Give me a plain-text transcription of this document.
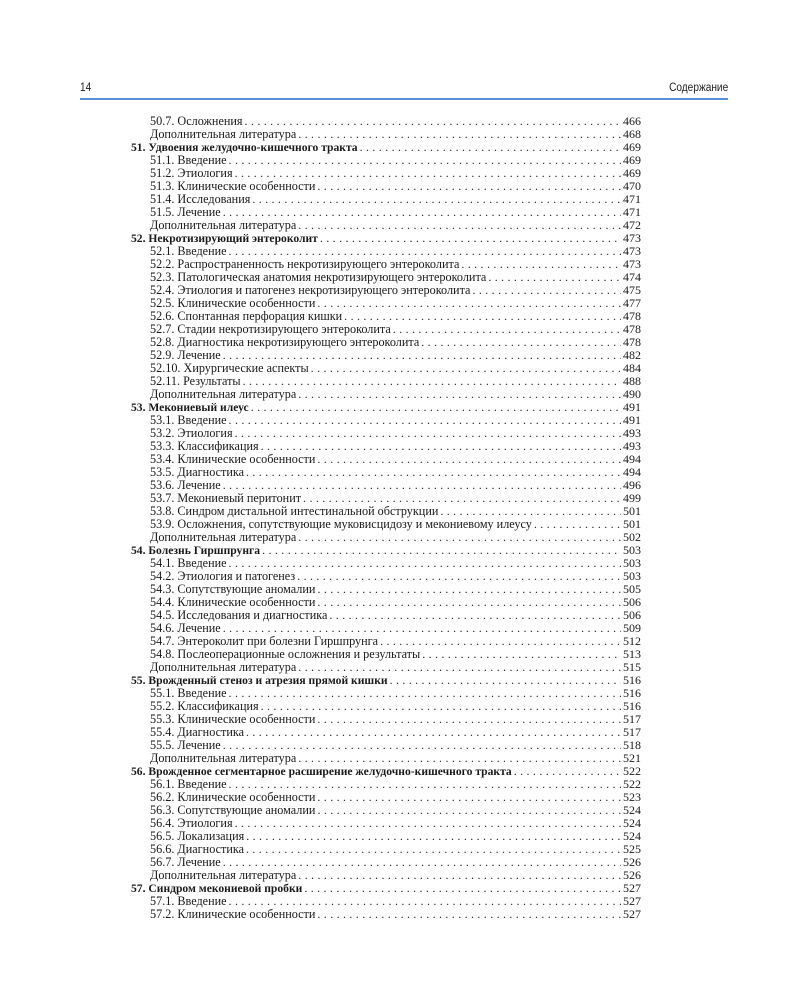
14	Содержание
50.7. Осложнения . . .	466
Дополнительная литература . . .	468
51. Удвоения желудочно-кишечного тракта . . .	469
51.1. Введение . . .	469
51.2. Этиология . . .	469
51.3. Клинические особенности . . .	470
51.4. Исследования . . .	471
51.5. Лечение . . .	471
Дополнительная литература . . .	472
52. Некротизирующий энтероколит . . .	473
52.1. Введение . . .	473
52.2. Распространенность некротизирующего энтероколита . . .	473
52.3. Патологическая анатомия некротизирующего энтероколита . . .	474
52.4. Этиология и патогенез некротизирующего энтероколита . . .	475
52.5. Клинические особенности . . .	477
52.6. Спонтанная перфорация кишки . . .	478
52.7. Стадии некротизирующего энтероколита . . .	478
52.8. Диагностика некротизирующего энтероколита . . .	478
52.9. Лечение . . .	482
52.10. Хирургические аспекты . . .	484
52.11. Результаты . . .	488
Дополнительная литература . . .	490
53. Мекониевый илеус . . .	491
53.1. Введение . . .	491
53.2. Этиология . . .	493
53.3. Классификация . . .	493
53.4. Клинические особенности . . .	494
53.5. Диагностика . . .	494
53.6. Лечение . . .	496
53.7. Мекониевый перитонит . . .	499
53.8. Синдром дистальной интестинальной обструкции . . .	501
53.9. Осложнения, сопутствующие муковисцидозу и мекониевому илеусу . . .	501
Дополнительная литература . . .	502
54. Болезнь Гиршпрунга . . .	503
54.1. Введение . . .	503
54.2. Этиология и патогенез . . .	503
54.3. Сопутствующие аномалии . . .	505
54.4. Клинические особенности . . .	506
54.5. Исследования и диагностика . . .	506
54.6. Лечение . . .	509
54.7. Энтероколит при болезни Гиршпрунга . . .	512
54.8. Послеоперационные осложнения и результаты . . .	513
Дополнительная литература . . .	515
55. Врожденный стеноз и атрезия прямой кишки . . .	516
55.1. Введение . . .	516
55.2. Классификация . . .	516
55.3. Клинические особенности . . .	517
55.4. Диагностика . . .	517
55.5. Лечение . . .	518
Дополнительная литература . . .	521
56. Врожденное сегментарное расширение желудочно-кишечного тракта . . .	522
56.1. Введение . . .	522
56.2. Клинические особенности . . .	523
56.3. Сопутствующие аномалии . . .	524
56.4. Этиология . . .	524
56.5. Локализация . . .	524
56.6. Диагностика . . .	525
56.7. Лечение . . .	526
Дополнительная литература . . .	526
57. Синдром мекониевой пробки . . .	527
57.1. Введение . . .	527
57.2. Клинические особенности . . .	527
